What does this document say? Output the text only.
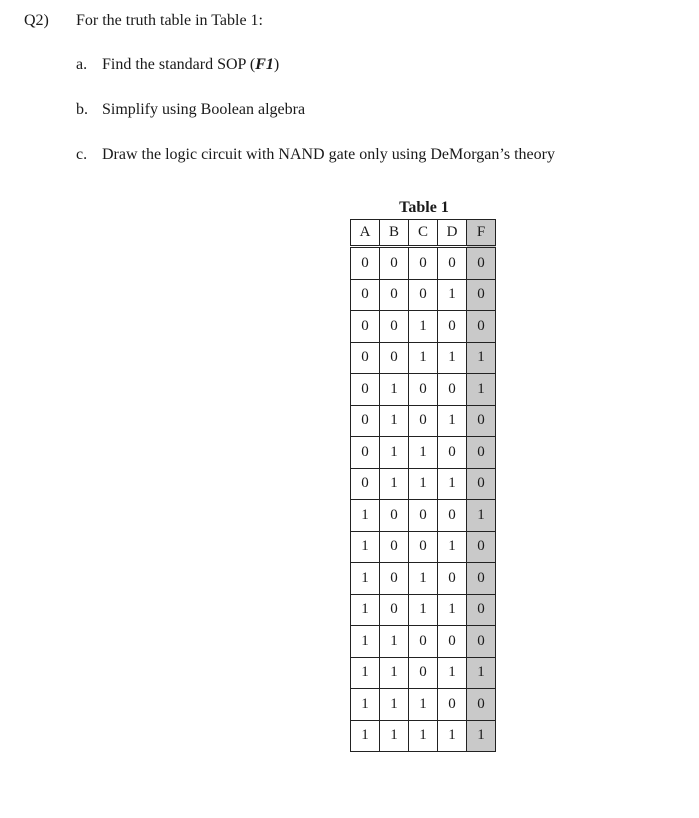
Q2) For the truth table in Table 1:
a. Find the standard SOP (F1)
b. Simplify using Boolean algebra
c. Draw the logic circuit with NAND gate only using DeMorgan’s theory
Table 1
A	B	C	D	F
0	0	0	0	0
0	0	0	1	0
0	0	1	0	0
0	0	1	1	1
0	1	0	0	1
0	1	0	1	0
0	1	1	0	0
0	1	1	1	0
1	0	0	0	1
1	0	0	1	0
1	0	1	0	0
1	0	1	1	0
1	1	0	0	0
1	1	0	1	1
1	1	1	0	0
1	1	1	1	1
